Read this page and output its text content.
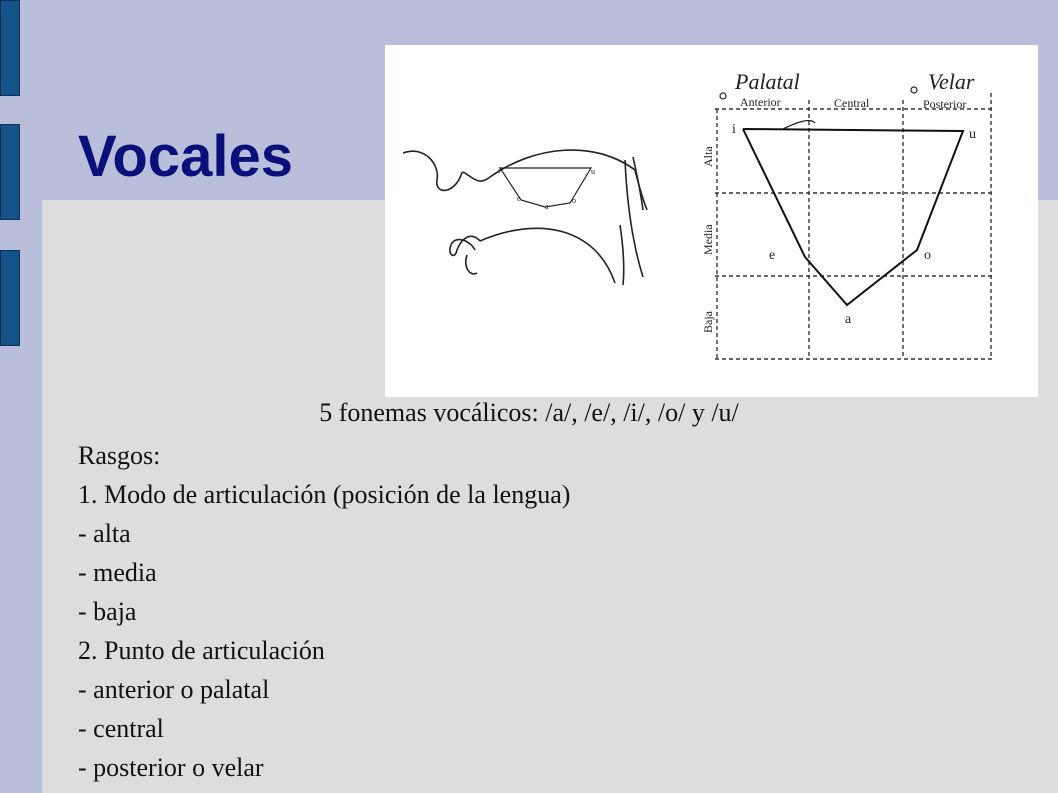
Vocales	i	u
e
a
o
Palatal	Velar
Anterior	Central	Posterior
Alta
Media
Baja
i	u
e	o
a
5 fonemas vocálicos: /a/, /e/, /i/, /o/ y /u/
Rasgos:
1. Modo de articulación (posición de la lengua)
- alta
- media
- baja
2. Punto de articulación
- anterior o palatal
- central
- posterior o velar
